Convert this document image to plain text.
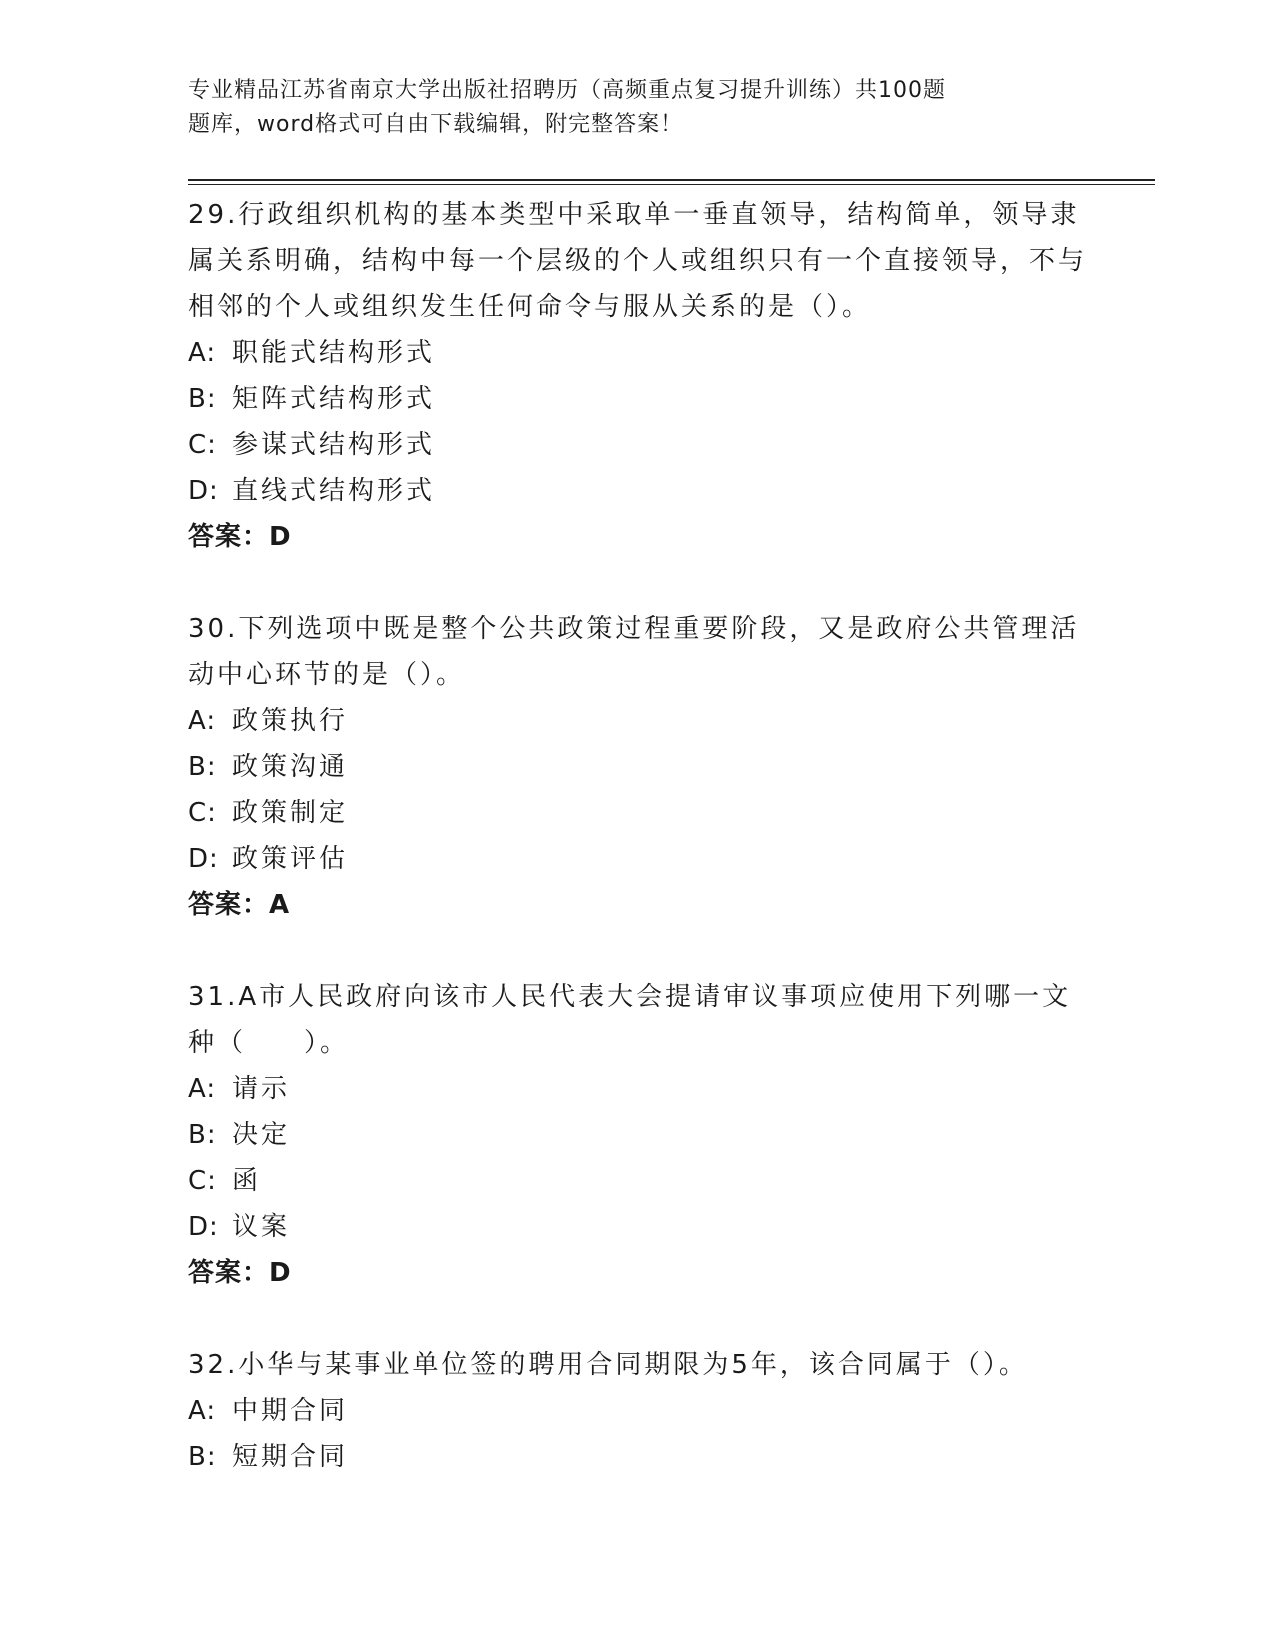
专业精品江苏省南京大学出版社招聘历（高频重点复习提升训练）共100题
题库，word格式可自由下载编辑，附完整答案！
29.行政组织机构的基本类型中采取单一垂直领导，结构简单，领导隶属关系明确，结构中每一个层级的个人或组织只有一个直接领导，不与相邻的个人或组织发生任何命令与服从关系的是（）。
A: 职能式结构形式
B: 矩阵式结构形式
C: 参谋式结构形式
D: 直线式结构形式
答案：D
30.下列选项中既是整个公共政策过程重要阶段，又是政府公共管理活动中心环节的是（）。
A: 政策执行
B: 政策沟通
C: 政策制定
D: 政策评估
答案：A
31.A市人民政府向该市人民代表大会提请审议事项应使用下列哪一文种（　　）。
A: 请示
B: 决定
C: 函
D: 议案
答案：D
32.小华与某事业单位签的聘用合同期限为5年，该合同属于（）。
A: 中期合同
B: 短期合同
